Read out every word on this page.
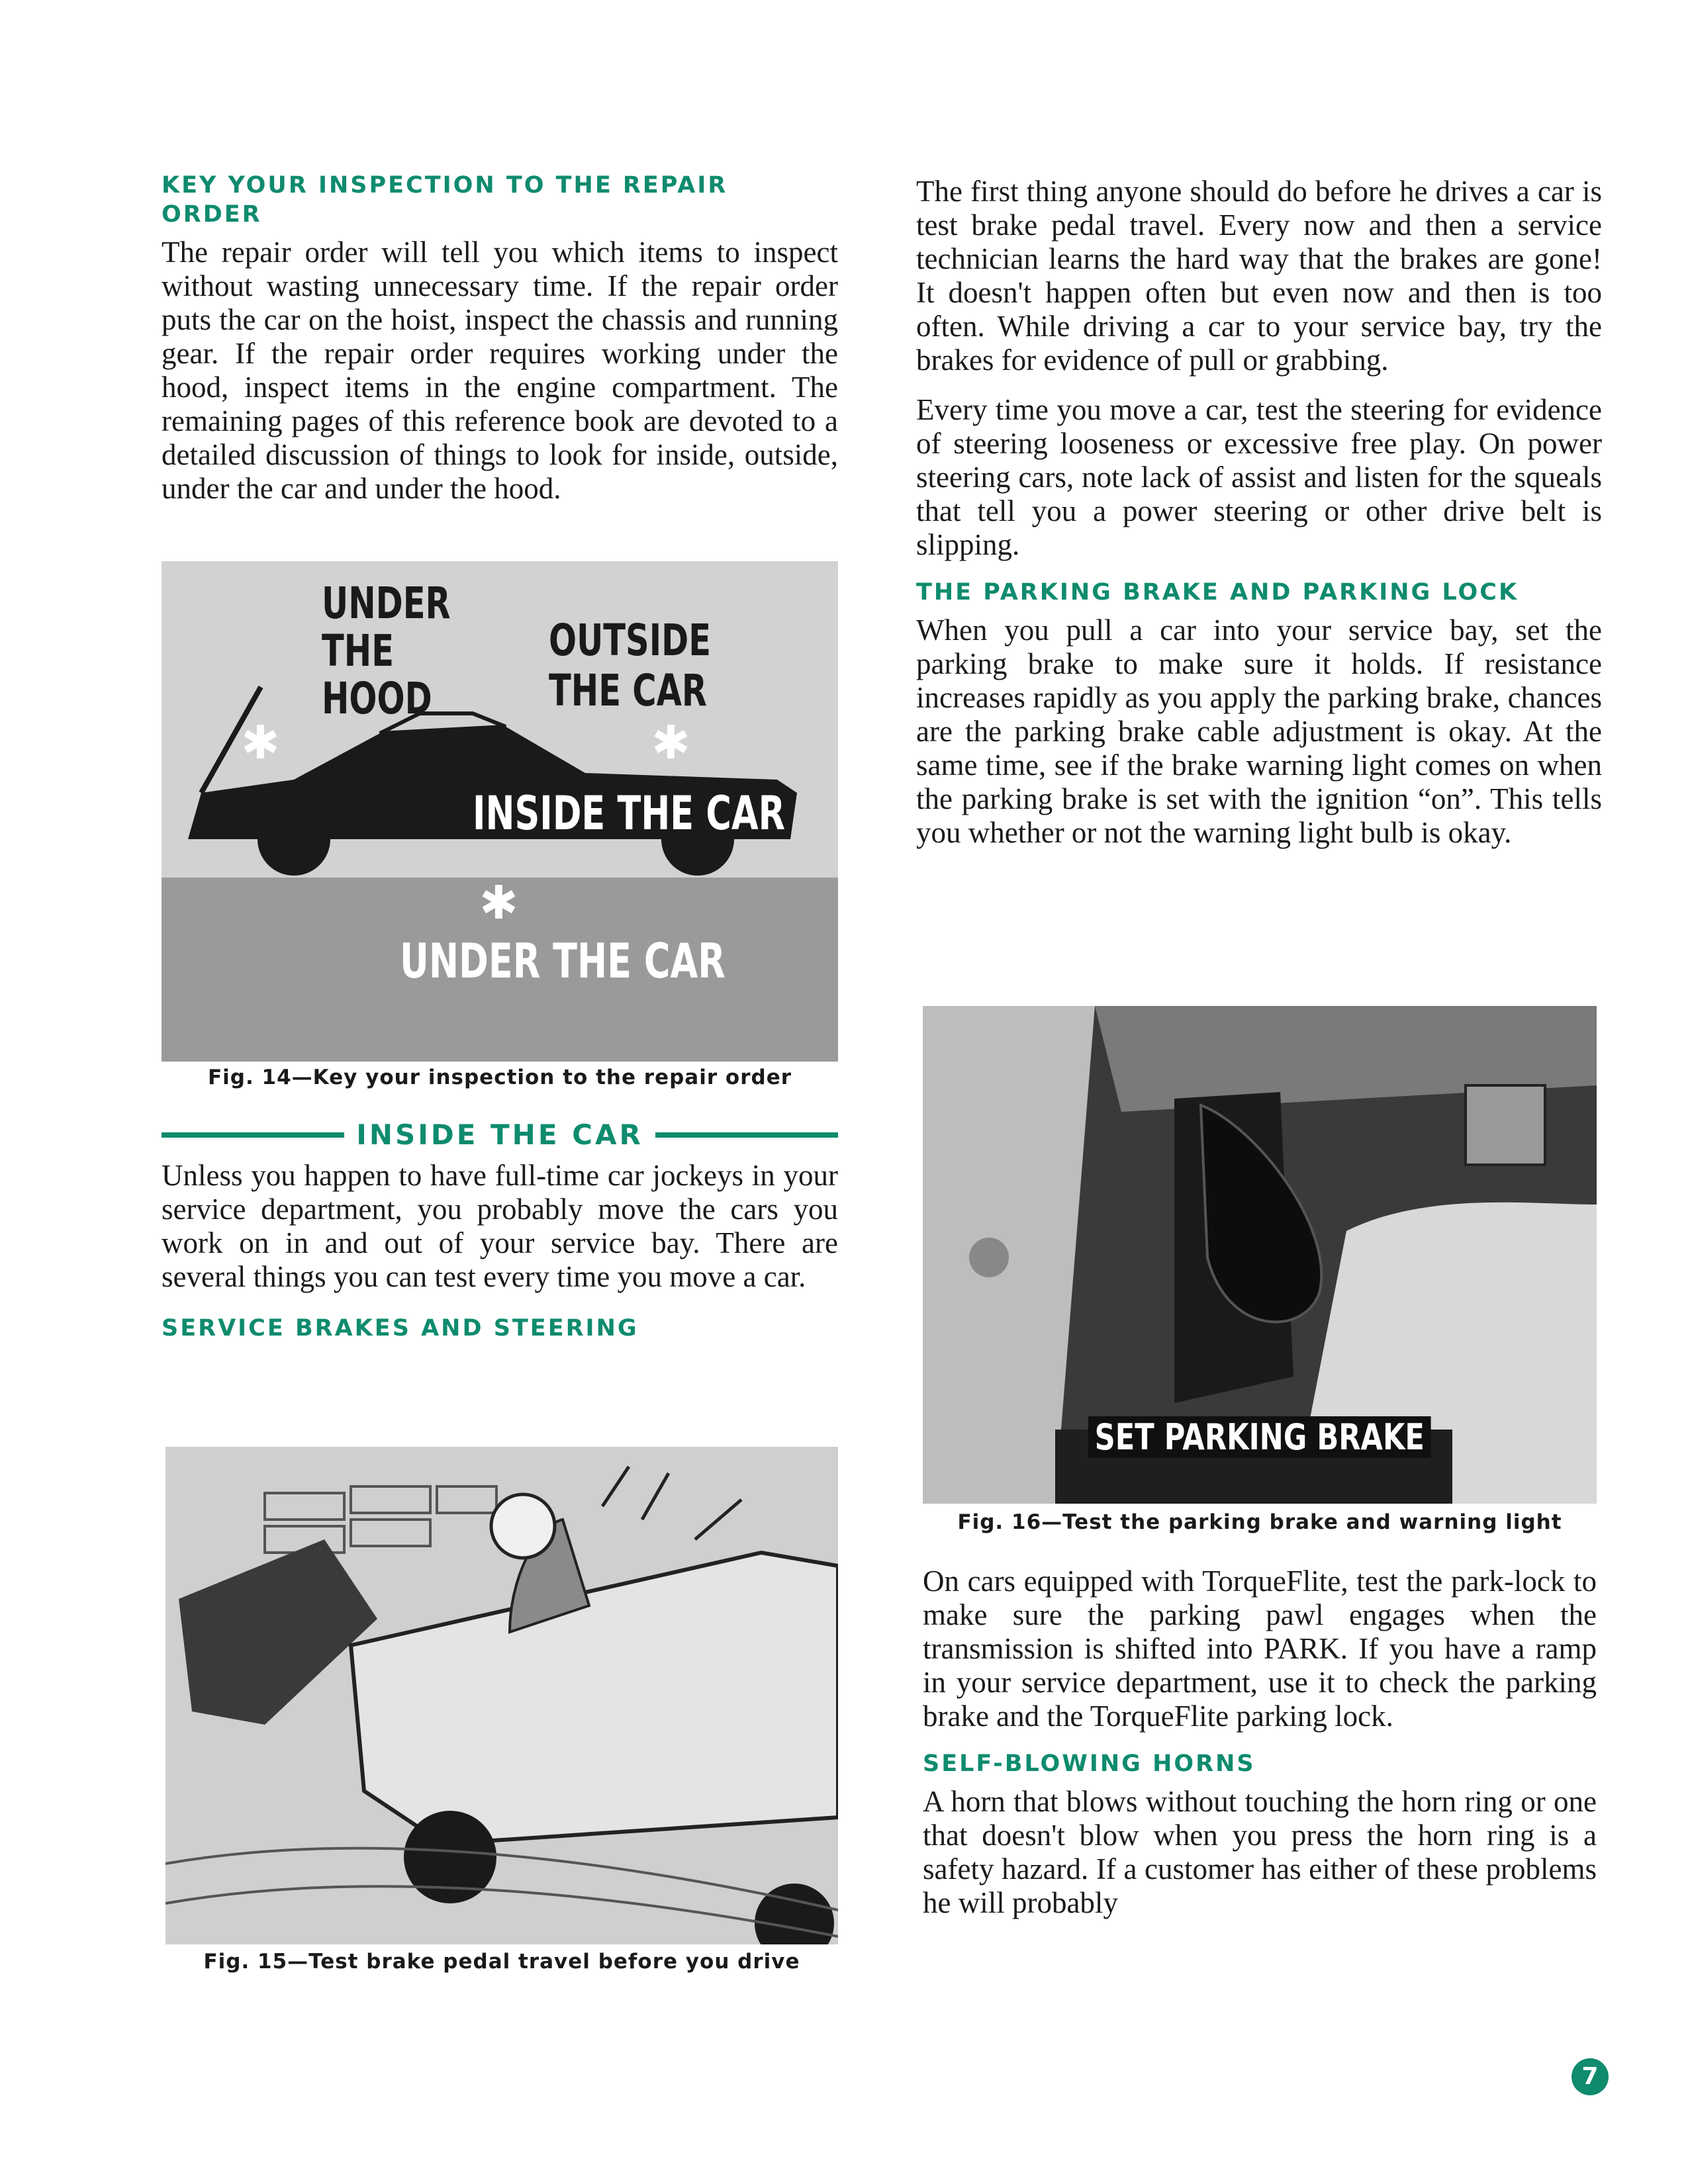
KEY YOUR INSPECTION TO THE REPAIR ORDER

The repair order will tell you which items to inspect without wasting unnecessary time. If the repair order puts the car on the hoist, inspect the chassis and running gear. If the repair order requires working under the hood, inspect items in the engine compartment. The remaining pages of this reference book are devoted to a detailed discussion of things to look for inside, outside, under the car and under the hood.

✱	✱
✱
UNDER
THE
HOOD
OUTSIDE
THE CAR
INSIDE THE CAR
UNDER THE CAR
Fig. 14—Key your inspection to the repair order
INSIDE THE CAR

Unless you happen to have full-time car jockeys in your service department, you probably move the cars you work on in and out of your service bay. There are several things you can test every time you move a car.

SERVICE BRAKES AND STEERING
Fig. 15—Test brake pedal travel before you drive

The first thing anyone should do before he drives a car is test brake pedal travel. Every now and then a service technician learns the hard way that the brakes are gone! It doesn't happen often but even now and then is too often. While driving a car to your service bay, try the brakes for evidence of pull or grabbing.

Every time you move a car, test the steering for evidence of steering looseness or excessive free play. On power steering cars, note lack of assist and listen for the squeals that tell you a power steering or other drive belt is slipping.

THE PARKING BRAKE AND PARKING LOCK

When you pull a car into your service bay, set the parking brake to make sure it holds. If resistance increases rapidly as you apply the parking brake, chances are the parking brake cable adjustment is okay. At the same time, see if the brake warning light comes on when the parking brake is set with the ignition “on”. This tells you whether or not the warning light bulb is okay.

SET PARKING BRAKE
Fig. 16—Test the parking brake and warning light

On cars equipped with TorqueFlite, test the park-lock to make sure the parking pawl engages when the transmission is shifted into PARK. If you have a ramp in your service department, use it to check the parking brake and the TorqueFlite parking lock.

SELF-BLOWING HORNS

A horn that blows without touching the horn ring or one that doesn't blow when you press the horn ring is a safety hazard. If a customer has either of these problems he will probably

7
